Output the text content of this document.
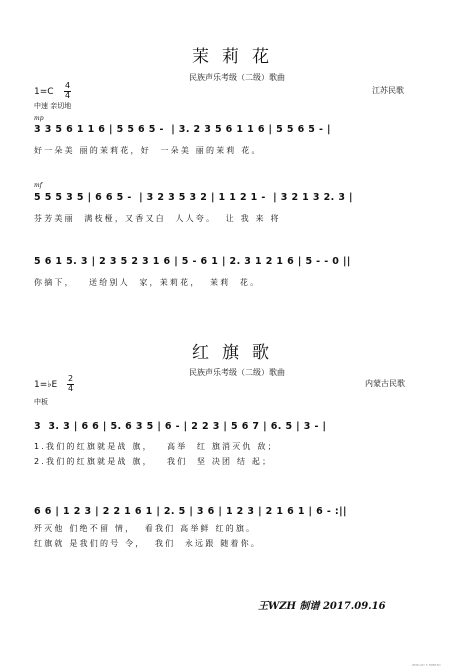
茉莉花
民族声乐考级（二级）歌曲
1=C
4
4
江苏民歌
中速 亲切地
mp
3 3 5 6 1 1 6 | 5 5 6 5 -  | 3. 2 3 5 6 1 1 6 | 5 5 6 5 - |
好一朵美 丽的茉莉花，好  一朵美 丽的茉莉 花。
mf
5 5 5 3 5 | 6 6 5 -  | 3 2 3 5 3 2 | 1 1 2 1 -  | 3 2 1 3 2. 3 |
芬芳美丽  满枝桠，又香又白  人人夸。  让 我 来 将
5 6 1 5. 3 | 2 3 5 2 3 1 6 | 5 - 6 1 | 2. 3 1 2 1 6 | 5 - - 0 ||
你摘下，   送给别人  家，茉莉花，  茉莉  花。
红旗歌
民族声乐考级（二级）歌曲
1=♭E
2
4
内蒙古民歌
中板
3  3. 3 | 6 6 | 5. 6 3 5 | 6 - | 2 2 3 | 5 6 7 | 6. 5 | 3 - |
1.我们的红旗就是战 旗，   高举  红 旗消灭仇 敌；
2.我们的红旗就是战 旗，   我们  坚 决团 结 起；
6 6 | 1 2 3 | 2 2 1 6 1 | 2. 5 | 3 6 | 1 2 3 | 2 1 6 1 | 6 - :||
歼灭他 们绝不留 情，  看我们 高举鲜 红的旗。
红旗就 是我们的号 令，  我们  永远跟 随着你。
王WZH 制谱 2017.09.16
ZM8 LRY 5 FREE3D
